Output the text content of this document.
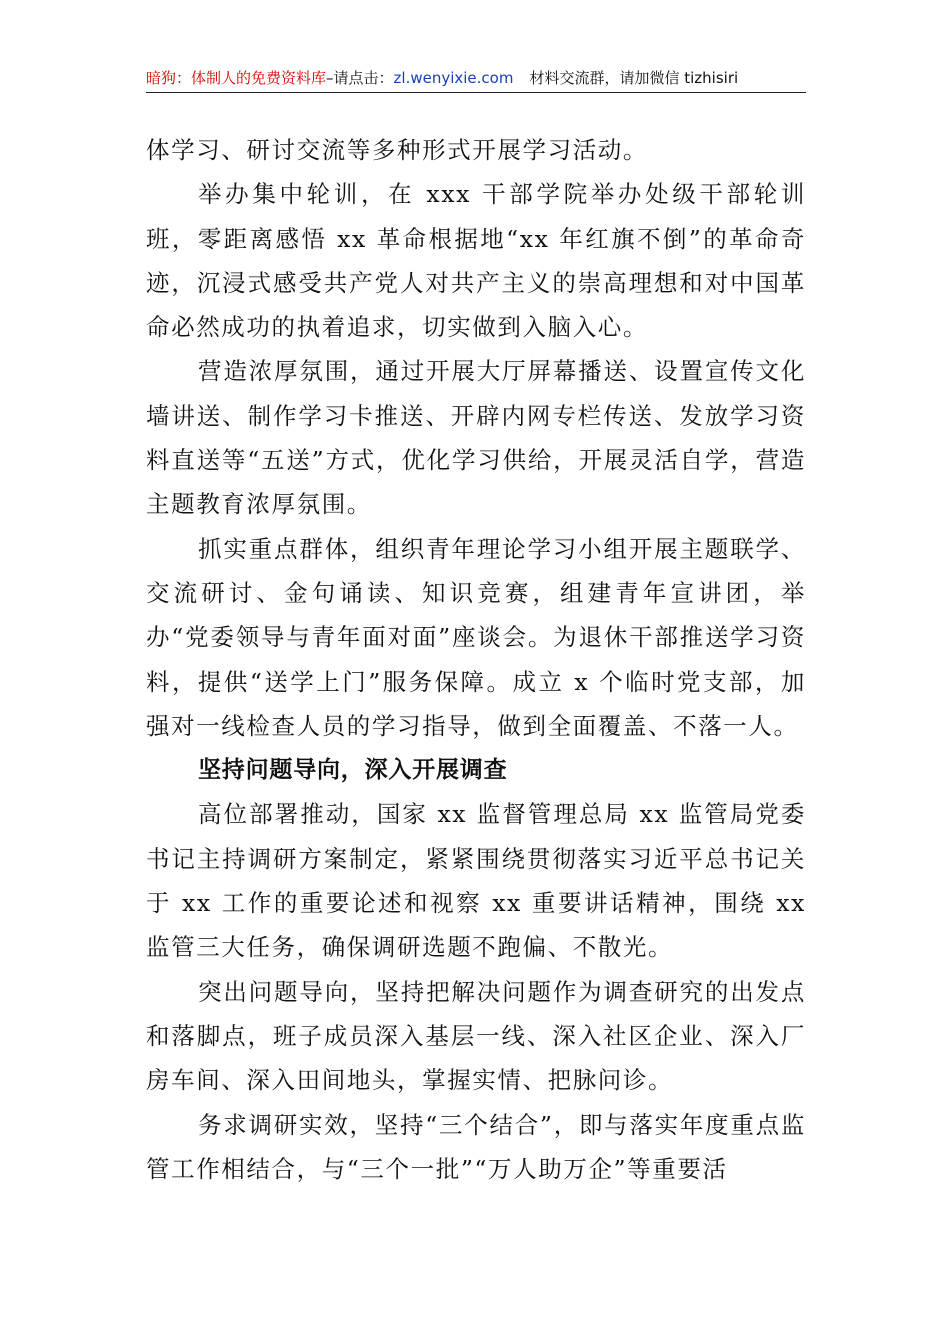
暗狗：体制人的免费资料库–请点击：zl.wenyixie.com 材料交流群，请加微信 tizhisiri

体学习、研讨交流等多种形式开展学习活动。

举办集中轮训，在 xxx 干部学院举办处级干部轮训班，零距离感悟 xx 革命根据地“xx 年红旗不倒”的革命奇迹，沉浸式感受共产党人对共产主义的崇高理想和对中国革命必然成功的执着追求，切实做到入脑入心。

营造浓厚氛围，通过开展大厅屏幕播送、设置宣传文化墙讲送、制作学习卡推送、开辟内网专栏传送、发放学习资料直送等“五送”方式，优化学习供给，开展灵活自学，营造主题教育浓厚氛围。

抓实重点群体，组织青年理论学习小组开展主题联学、交流研讨、金句诵读、知识竞赛，组建青年宣讲团，举办“党委领导与青年面对面”座谈会。为退休干部推送学习资料，提供“送学上门”服务保障。成立 x 个临时党支部，加强对一线检查人员的学习指导，做到全面覆盖、不落一人。

坚持问题导向，深入开展调查

高位部署推动，国家 xx 监督管理总局 xx 监管局党委书记主持调研方案制定，紧紧围绕贯彻落实习近平总书记关于 xx 工作的重要论述和视察 xx 重要讲话精神，围绕 xx 监管三大任务，确保调研选题不跑偏、不散光。

突出问题导向，坚持把解决问题作为调查研究的出发点和落脚点，班子成员深入基层一线、深入社区企业、深入厂房车间、深入田间地头，掌握实情、把脉问诊。

务求调研实效，坚持“三个结合”，即与落实年度重点监管工作相结合，与“三个一批”“万人助万企”等重要活
